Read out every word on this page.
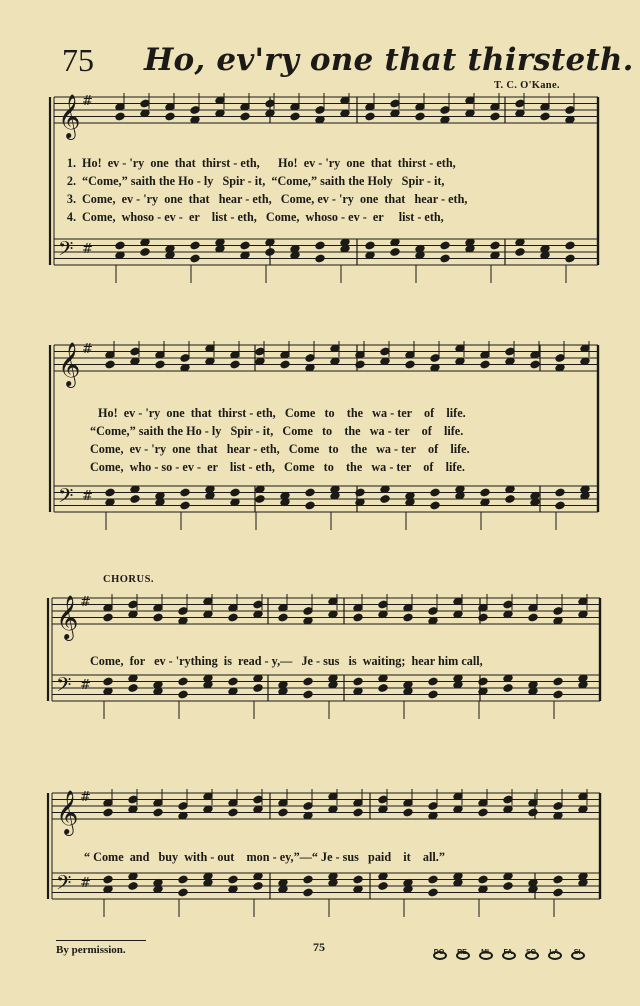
75 Ho, ev'ry one that thirsteth.
T. C. O'Kane.
𝄞 #
𝄢 #
𝄞 #
𝄢 #
𝄞 #
𝄢 #
𝄞 #
𝄢 #
1. Ho!  ev - 'ry  one  that  thirst - eth,      Ho!  ev - 'ry  one  that  thirst - eth,
2. “Come,” saith the Ho - ly   Spir - it,  “Come,” saith the Holy   Spir - it,
3. Come,  ev - 'ry  one  that   hear - eth,   Come, ev - 'ry  one  that   hear - eth,
4. Come,  whoso - ev -  er    list - eth,   Come,  whoso - ev -  er     list - eth,
Ho!  ev - 'ry  one  that  thirst - eth,   Come   to    the   wa - ter    of    life.
“Come,” saith the Ho - ly   Spir - it,   Come   to    the   wa - ter    of    life.
Come,  ev - 'ry  one  that   hear - eth,   Come   to    the   wa - ter    of    life.
Come,  who - so - ev -  er    list - eth,   Come   to    the   wa - ter    of    life.
CHORUS.
Come,  for   ev - 'rything  is  read - y,—   Je - sus   is  waiting;  hear him call,
“ Come  and   buy  with - out    mon - ey,”—“ Je - sus   paid    it    all.”
By permission.	75	DO	RE	MI	FA	SO	LA	SI
